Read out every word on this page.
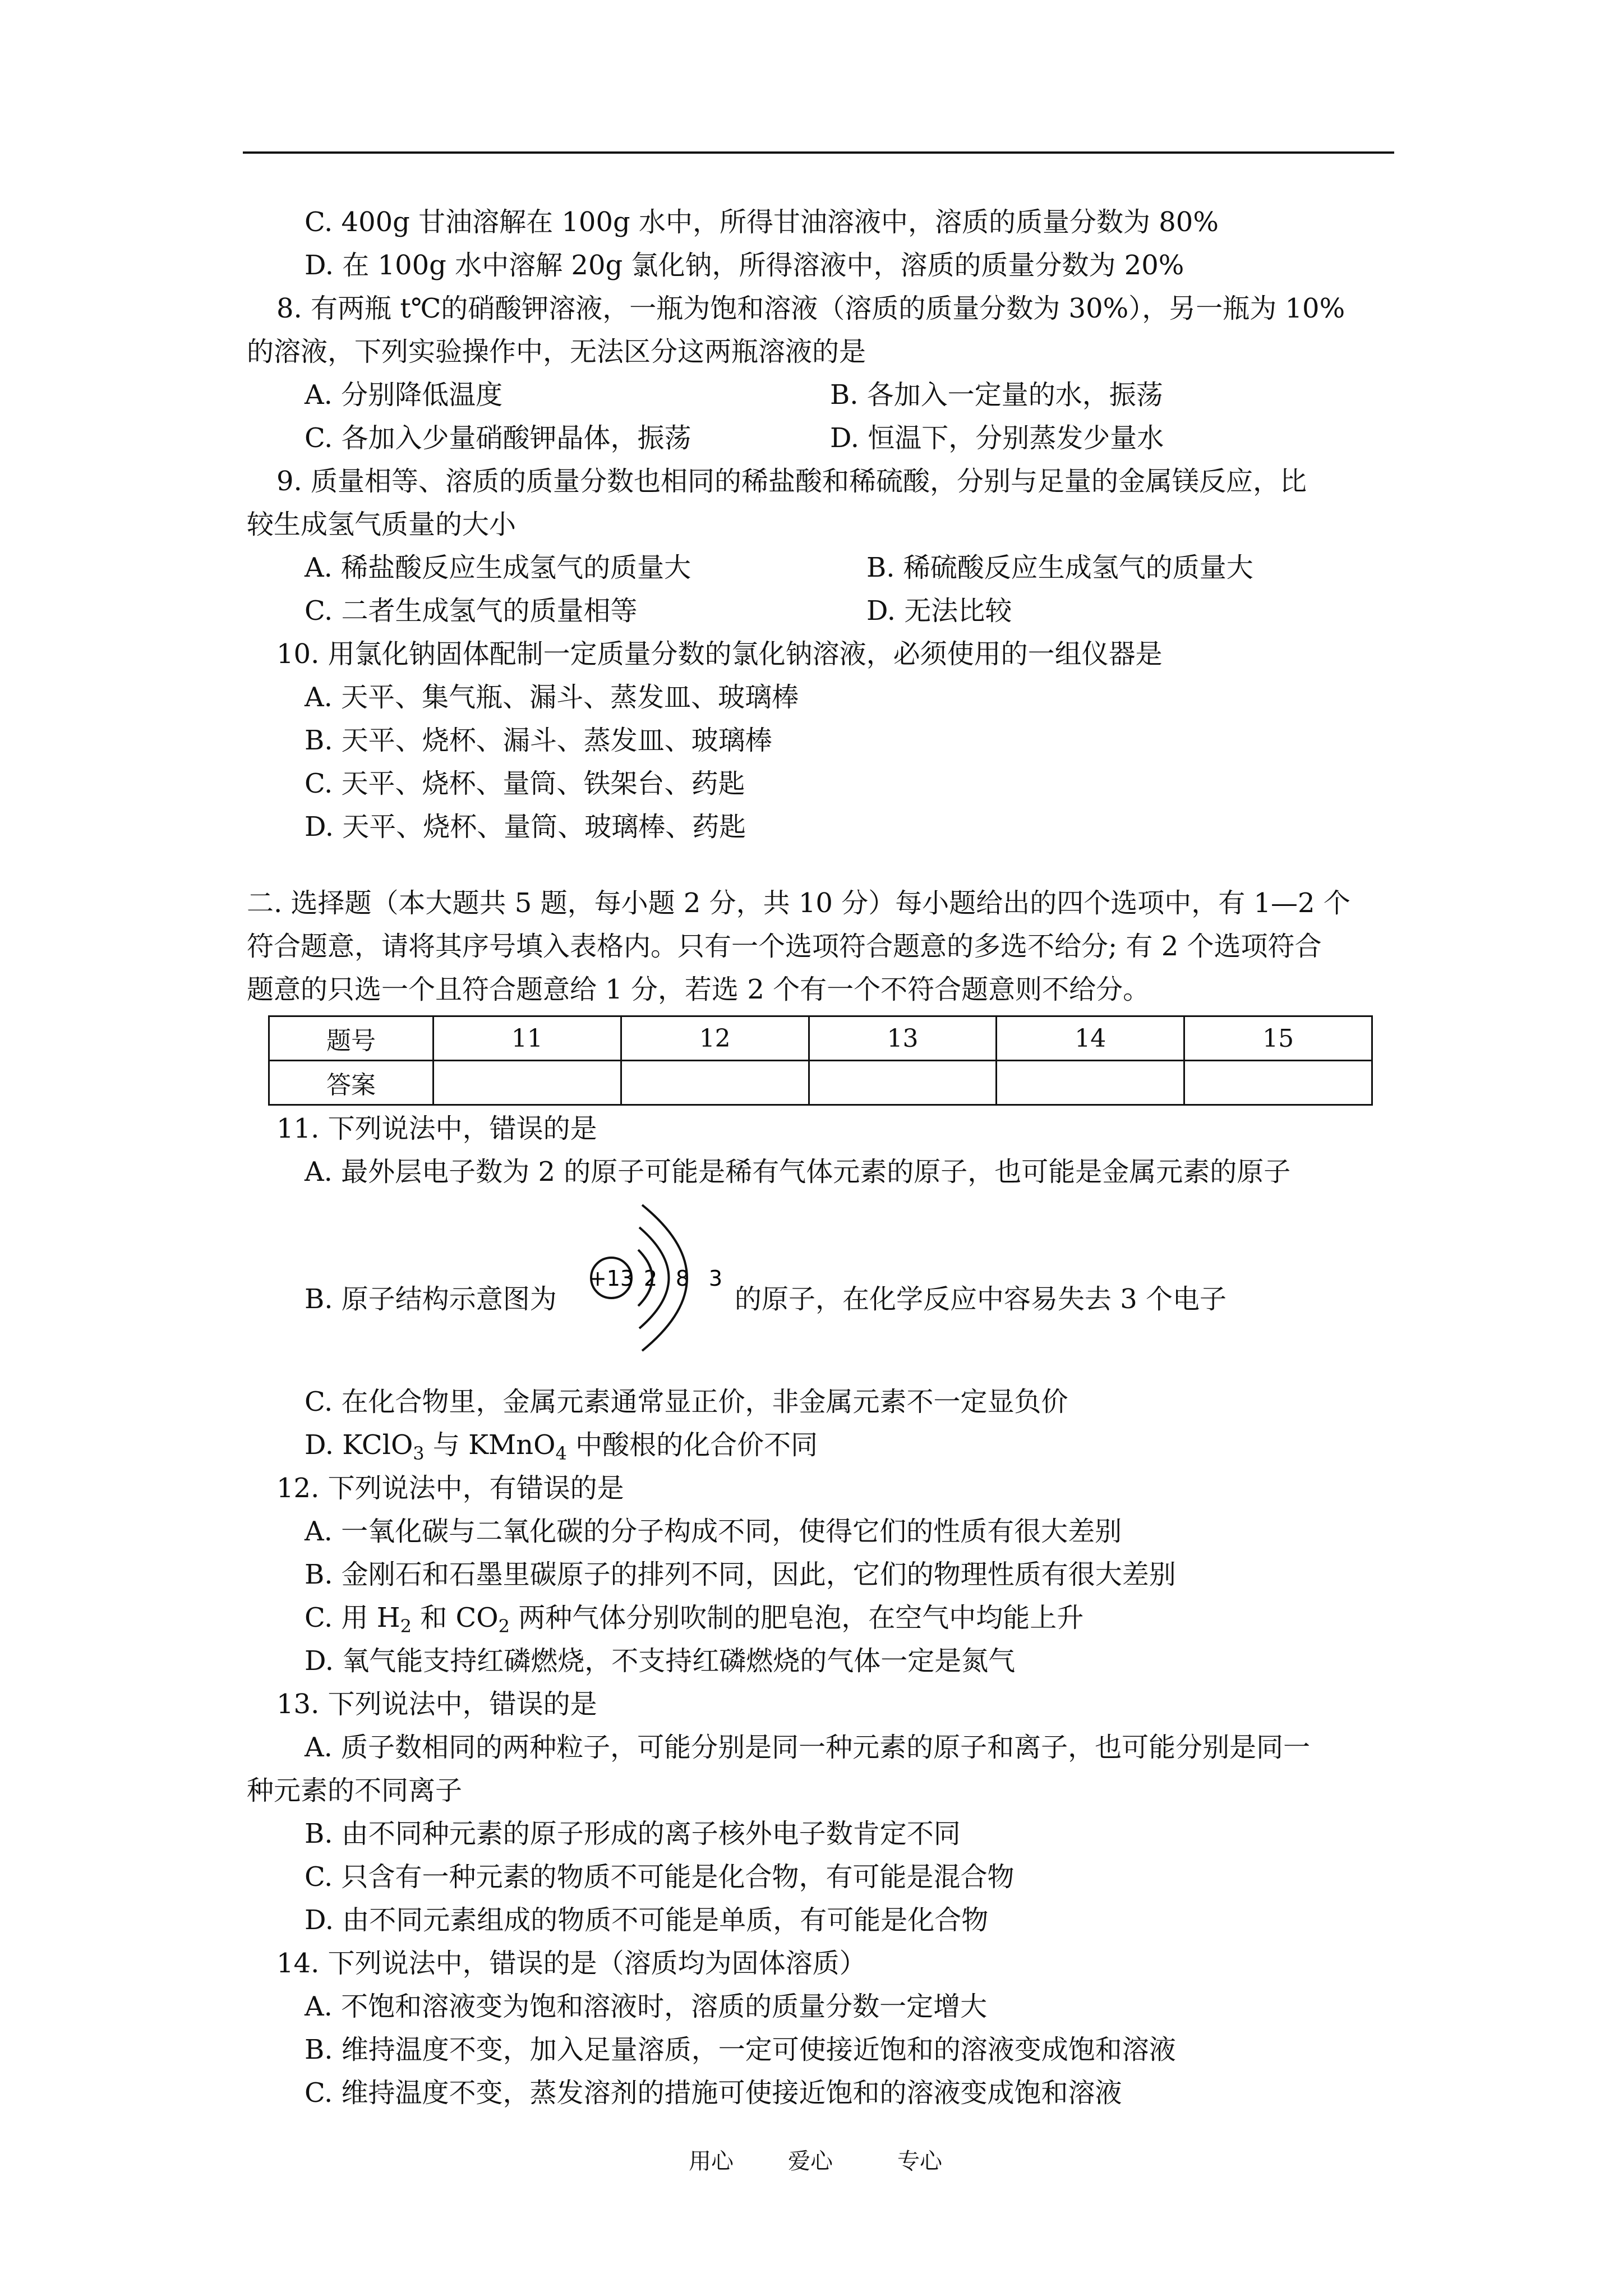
C. 400g 甘油溶解在 100g 水中，所得甘油溶液中，溶质的质量分数为 80%
D. 在 100g 水中溶解 20g 氯化钠，所得溶液中，溶质的质量分数为 20%
8. 有两瓶 t℃的硝酸钾溶液，一瓶为饱和溶液（溶质的质量分数为 30%），另一瓶为 10%
的溶液，下列实验操作中，无法区分这两瓶溶液的是
A. 分别降低温度	B. 各加入一定量的水，振荡
C. 各加入少量硝酸钾晶体，振荡	D. 恒温下，分别蒸发少量水
9. 质量相等、溶质的质量分数也相同的稀盐酸和稀硫酸，分别与足量的金属镁反应，比
较生成氢气质量的大小
A. 稀盐酸反应生成氢气的质量大	B. 稀硫酸反应生成氢气的质量大
C. 二者生成氢气的质量相等	D. 无法比较
10. 用氯化钠固体配制一定质量分数的氯化钠溶液，必须使用的一组仪器是
A. 天平、集气瓶、漏斗、蒸发皿、玻璃棒
B. 天平、烧杯、漏斗、蒸发皿、玻璃棒
C. 天平、烧杯、量筒、铁架台、药匙
D. 天平、烧杯、量筒、玻璃棒、药匙
二. 选择题（本大题共 5 题，每小题 2 分，共 10 分）每小题给出的四个选项中，有 1—2 个
符合题意，请将其序号填入表格内。只有一个选项符合题意的多选不给分; 有 2 个选项符合
题意的只选一个且符合题意给 1 分，若选 2 个有一个不符合题意则不给分。
题号	11	12	13	14	15
答案					
11. 下列说法中，错误的是
A. 最外层电子数为 2 的原子可能是稀有气体元素的原子，也可能是金属元素的原子
B. 原子结构示意图为
+13 2 8 3
的原子，在化学反应中容易失去 3 个电子
C. 在化合物里，金属元素通常显正价，非金属元素不一定显负价
D. KClO$_3$ 与 KMnO$_4$ 中酸根的化合价不同
12. 下列说法中，有错误的是
A. 一氧化碳与二氧化碳的分子构成不同，使得它们的性质有很大差别
B. 金刚石和石墨里碳原子的排列不同，因此，它们的物理性质有很大差别
C. 用 $H_2$ 和 $CO_2$ 两种气体分别吹制的肥皂泡，在空气中均能上升
D. 氧气能支持红磷燃烧，不支持红磷燃烧的气体一定是氮气
13. 下列说法中，错误的是
A. 质子数相同的两种粒子，可能分别是同一种元素的原子和离子，也可能分别是同一
种元素的不同离子
B. 由不同种元素的原子形成的离子核外电子数肯定不同
C. 只含有一种元素的物质不可能是化合物，有可能是混合物
D. 由不同元素组成的物质不可能是单质，有可能是化合物
14. 下列说法中，错误的是（溶质均为固体溶质）
A. 不饱和溶液变为饱和溶液时，溶质的质量分数一定增大
B. 维持温度不变，加入足量溶质，一定可使接近饱和的溶液变成饱和溶液
C. 维持温度不变，蒸发溶剂的措施可使接近饱和的溶液变成饱和溶液
用心 爱心	专心
